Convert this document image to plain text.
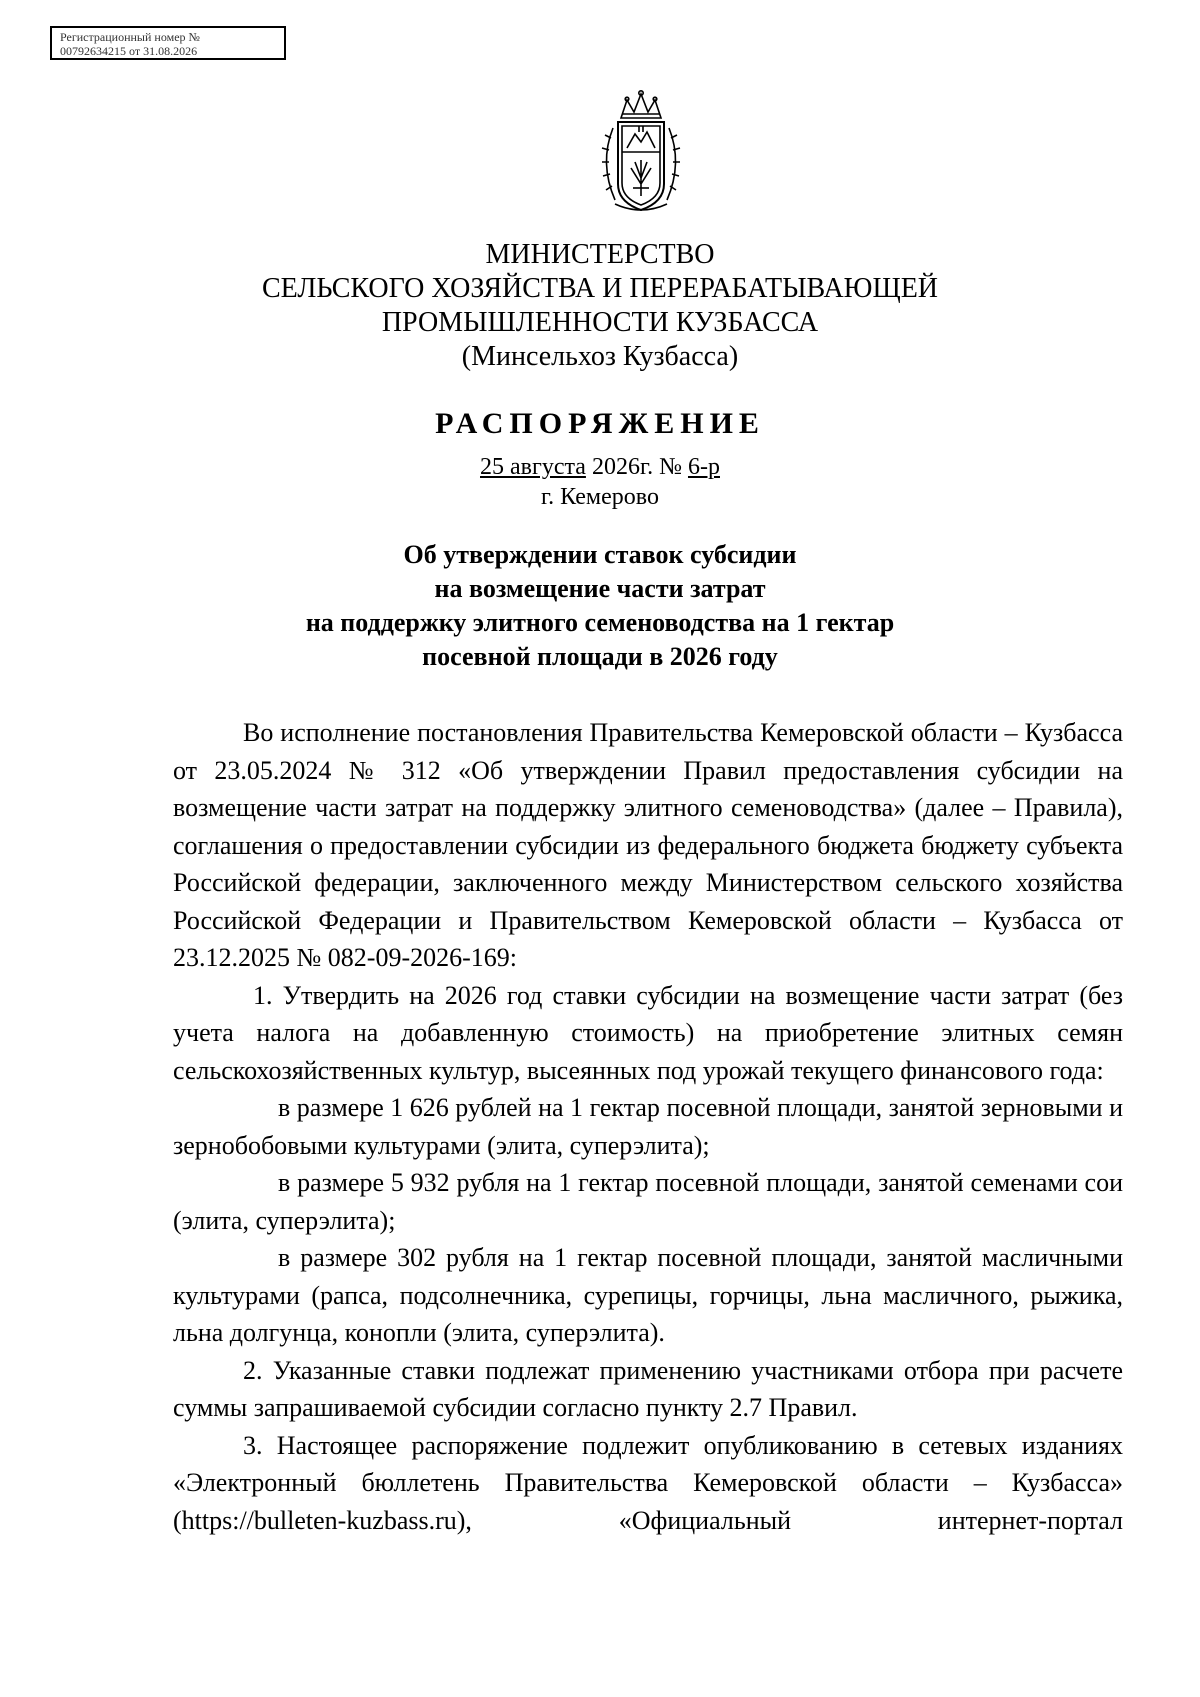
Регистрационный номер №
00792634215 от 31.08.2026
МИНИСТЕРСТВО
СЕЛЬСКОГО ХОЗЯЙСТВА И ПЕРЕРАБАТЫВАЮЩЕЙ
ПРОМЫШЛЕННОСТИ КУЗБАССА
(Минсельхоз Кузбасса)
РАСПОРЯЖЕНИЕ
25 августа 2026г. № 6-р
г. Кемерово
Об утверждении ставок субсидии
на возмещение части затрат
на поддержку элитного семеноводства на 1 гектар
посевной площади в 2026 году

Во исполнение постановления Правительства Кемеровской области – Кузбасса от 23.05.2024 № 312 «Об утверждении Правил предоставления субсидии на возмещение части затрат на поддержку элитного семеноводства» (далее – Правила), соглашения о предоставлении субсидии из федерального бюджета бюджету субъекта Российской федерации, заключенного между Министерством сельского хозяйства Российской Федерации и Правительством Кемеровской области – Кузбасса от 23.12.2025 № 082-09-2026-169:

1. Утвердить на 2026 год ставки субсидии на возмещение части затрат (без учета налога на добавленную стоимость) на приобретение элитных семян сельскохозяйственных культур, высеянных под урожай текущего финансового года:

в размере 1 626 рублей на 1 гектар посевной площади, занятой зерновыми и зернобобовыми культурами (элита, суперэлита);

в размере 5 932 рубля на 1 гектар посевной площади, занятой семенами сои (элита, суперэлита);

в размере 302 рубля на 1 гектар посевной площади, занятой масличными культурами (рапса, подсолнечника, сурепицы, горчицы, льна масличного, рыжика, льна долгунца, конопли (элита, суперэлита).

2. Указанные ставки подлежат применению участниками отбора при расчете суммы запрашиваемой субсидии согласно пункту 2.7 Правил.

3. Настоящее распоряжение подлежит опубликованию в сетевых изданиях «Электронный бюллетень Правительства Кемеровской области – Кузбасса» (https://bulleten-kuzbass.ru), «Официальный интернет-портал
